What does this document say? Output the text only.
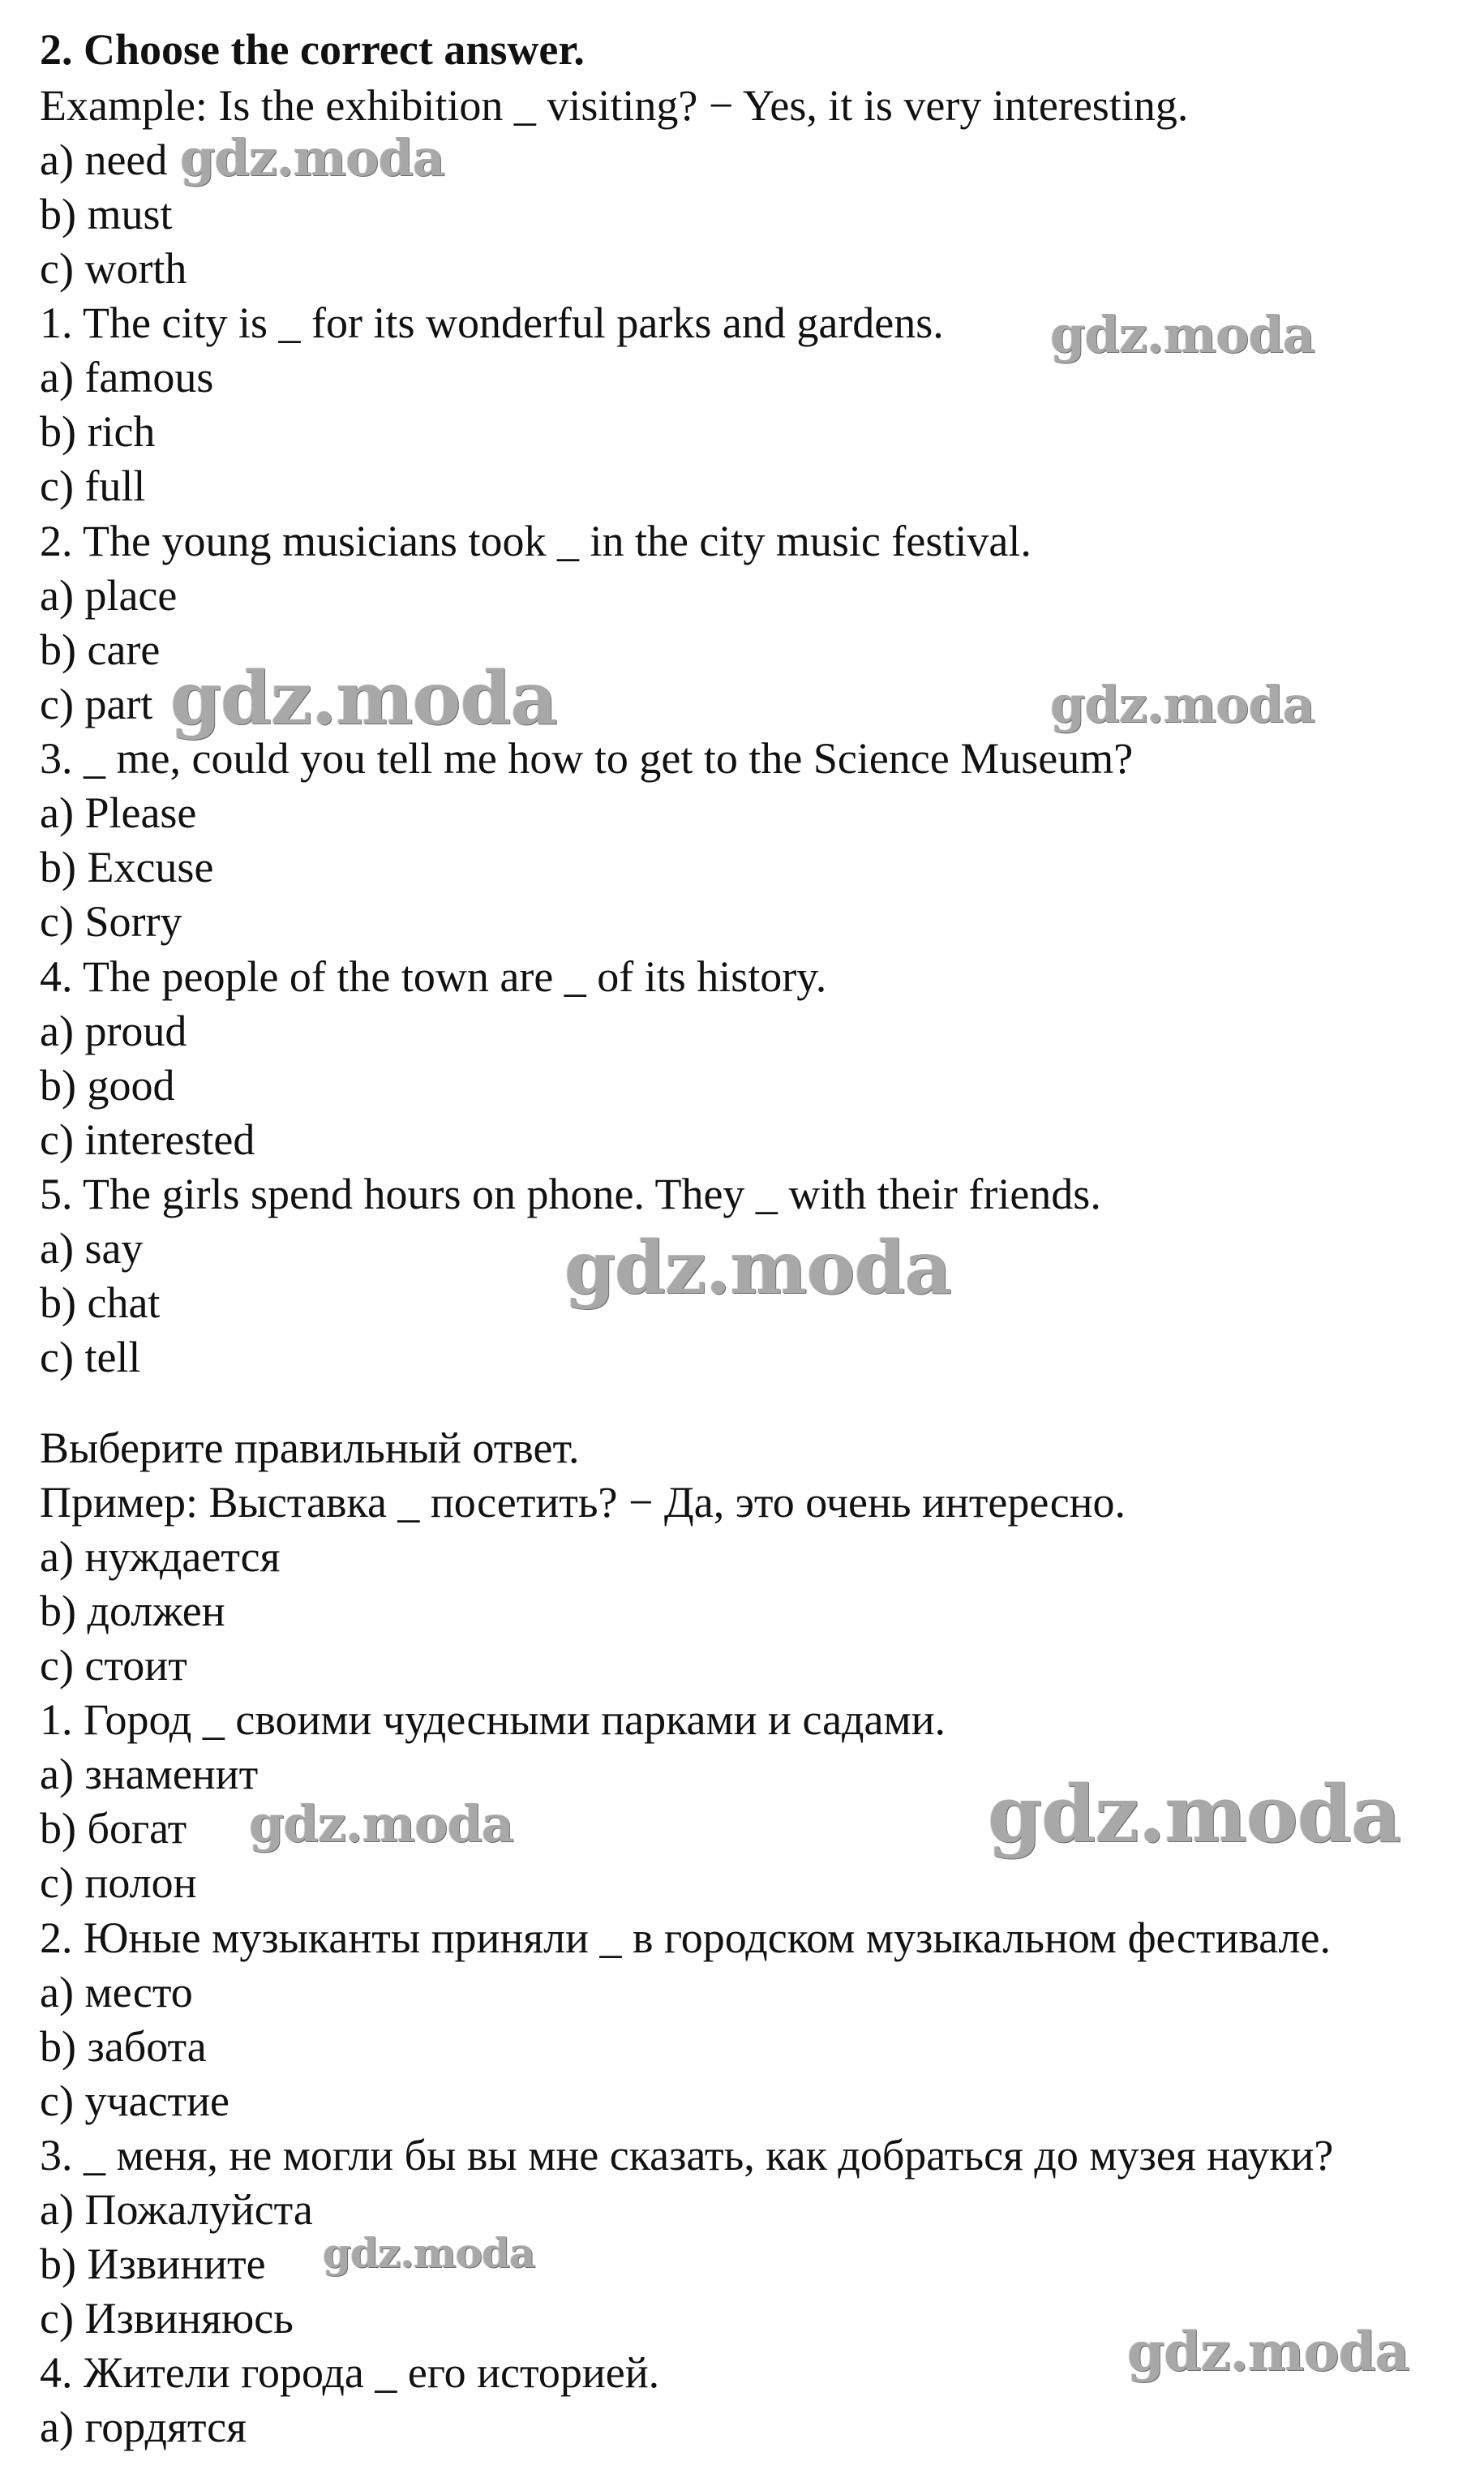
2. Choose the correct answer.
Example: Is the exhibition _ visiting? − Yes, it is very interesting.
a) need
b) must
c) worth
1. The city is _ for its wonderful parks and gardens.
a) famous
b) rich
c) full
2. The young musicians took _ in the city music festival.
a) place
b) care
c) part
3. _ me, could you tell me how to get to the Science Museum?
a) Please
b) Excuse
c) Sorry
4. The people of the town are _ of its history.
a) proud
b) good
c) interested
5. The girls spend hours on phone. They _ with their friends.
a) say
b) chat
c) tell
Выберите правильный ответ.
Пример: Выставка _ посетить? − Да, это очень интересно.
a) нуждается
b) должен
c) стоит
1. Город _ своими чудесными парками и садами.
a) знаменит
b) богат
c) полон
2. Юные музыканты приняли _ в городском музыкальном фестивале.
a) место
b) забота
c) участие
3. _ меня, не могли бы вы мне сказать, как добраться до музея науки?
a) Пожалуйста
b) Извините
c) Извиняюсь
4. Жители города _ его историей.
a) гордятся
gdz.moda
gdz.moda
gdz.moda	gdz.moda
gdz.moda
gdz.moda	gdz.moda
gdz.moda
gdz.moda
